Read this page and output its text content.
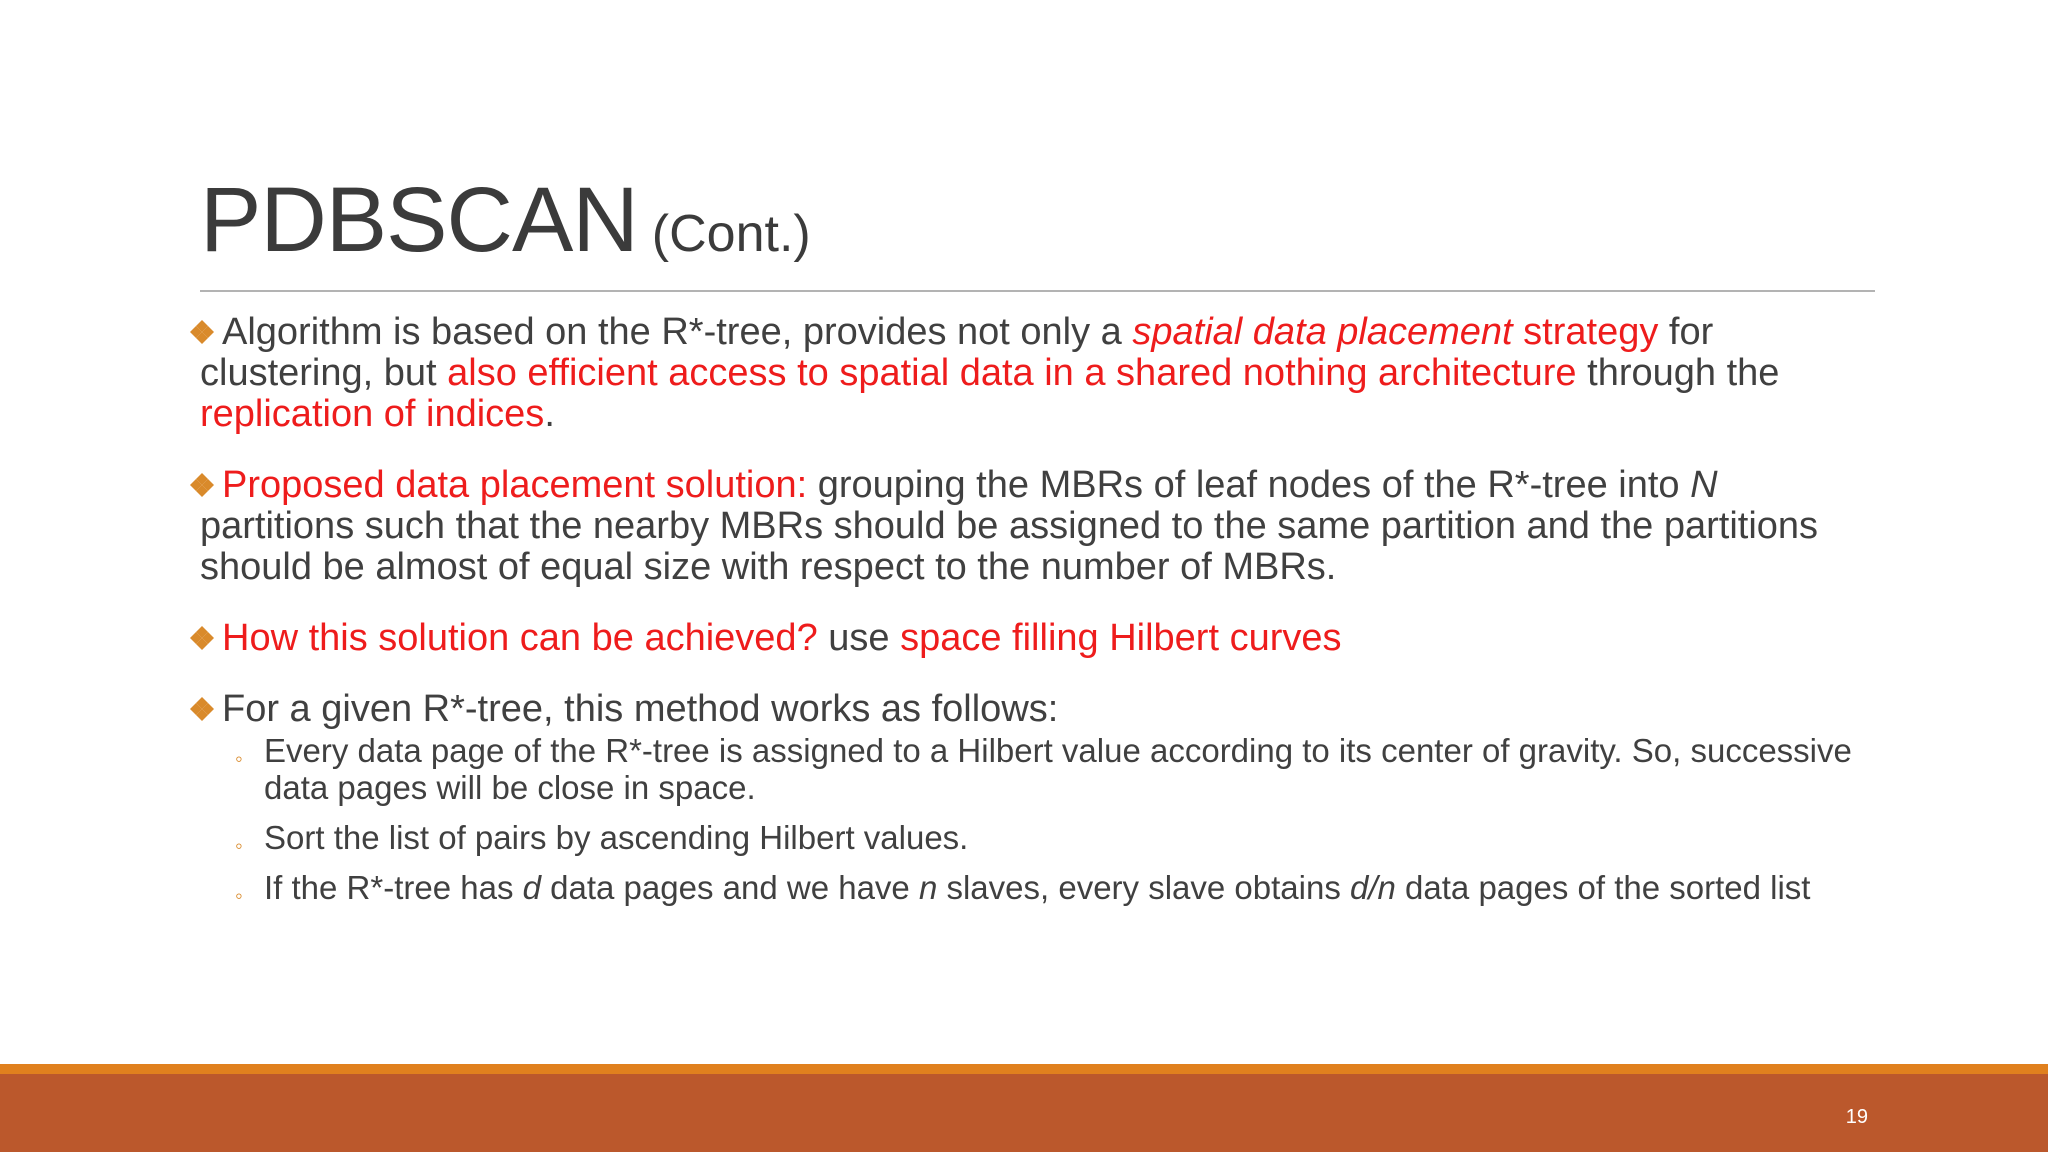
PDBSCAN (Cont.)
Algorithm is based on the R*-tree, provides not only a spatial data placement strategy for clustering, but also efficient access to spatial data in a shared nothing architecture through the replication of indices.
Proposed data placement solution: grouping the MBRs of leaf nodes of the R*-tree into N partitions such that the nearby MBRs should be assigned to the same partition and the partitions should be almost of equal size with respect to the number of MBRs.
How this solution can be achieved? use space filling Hilbert curves
For a given R*-tree, this method works as follows:
◦ Every data page of the R*-tree is assigned to a Hilbert value according to its center of gravity. So, successive data pages will be close in space.
◦ Sort the list of pairs by ascending Hilbert values.
◦ If the R*-tree has d data pages and we have n slaves, every slave obtains d/n data pages of the sorted list
19
